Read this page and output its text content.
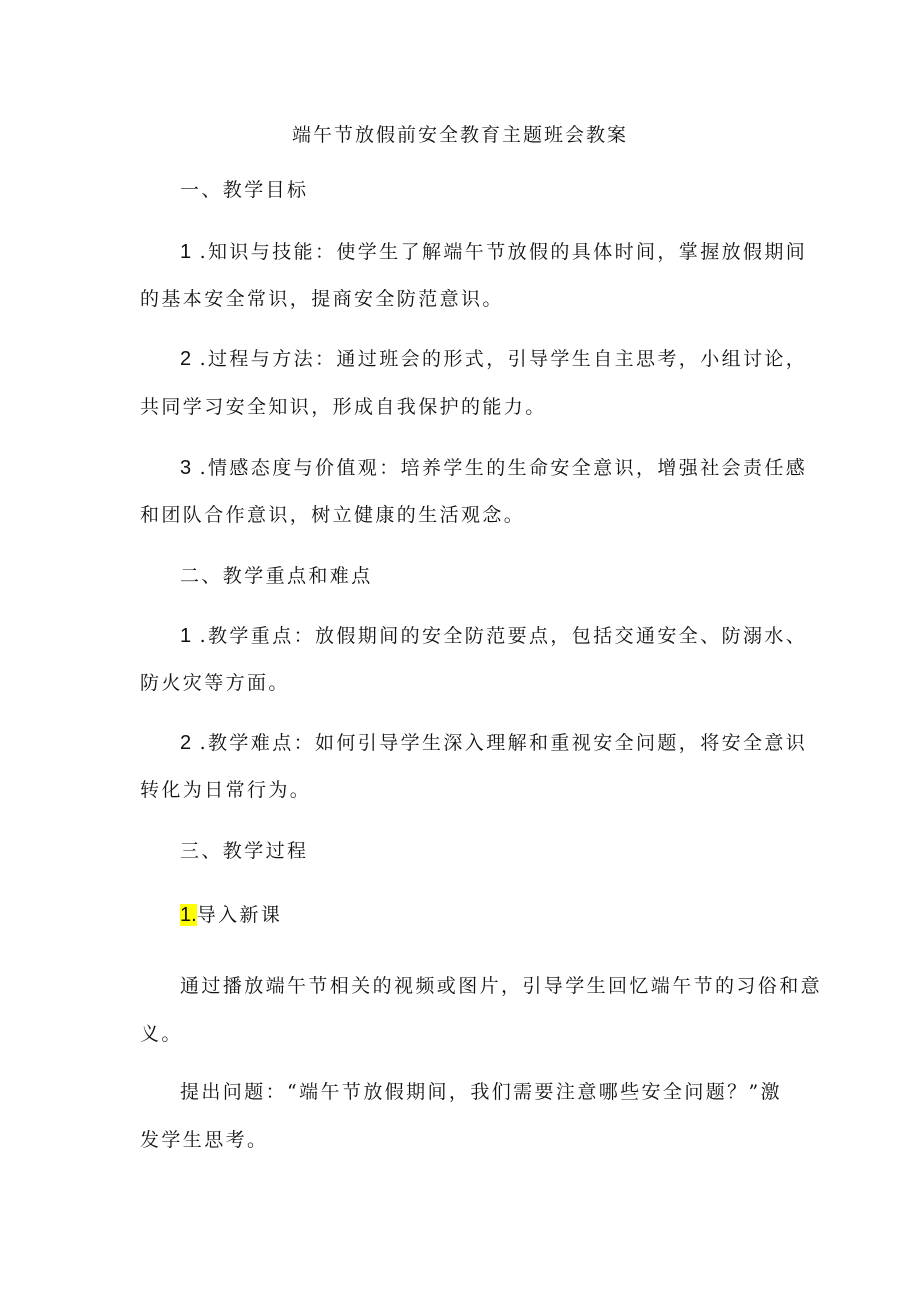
端午节放假前安全教育主题班会教案
一、教学目标
1 .知识与技能：使学生了解端午节放假的具体时间，掌握放假期间
的基本安全常识，提商安全防范意识。
2 .过程与方法：通过班会的形式，引导学生自主思考，小组讨论，
共同学习安全知识，形成自我保护的能力。
3 .情感态度与价值观：培养学生的生命安全意识，增强社会责任感
和团队合作意识，树立健康的生活观念。
二、教学重点和难点
1 .教学重点：放假期间的安全防范要点，包括交通安全、防溺水、
防火灾等方面。
2 .教学难点：如何引导学生深入理解和重视安全问题，将安全意识
转化为日常行为。
三、教学过程
1.导入新课
通过播放端午节相关的视频或图片，引导学生回忆端午节的习俗和意
义。
提出问题：“端午节放假期间，我们需要注意哪些安全问题？”激
发学生思考。
